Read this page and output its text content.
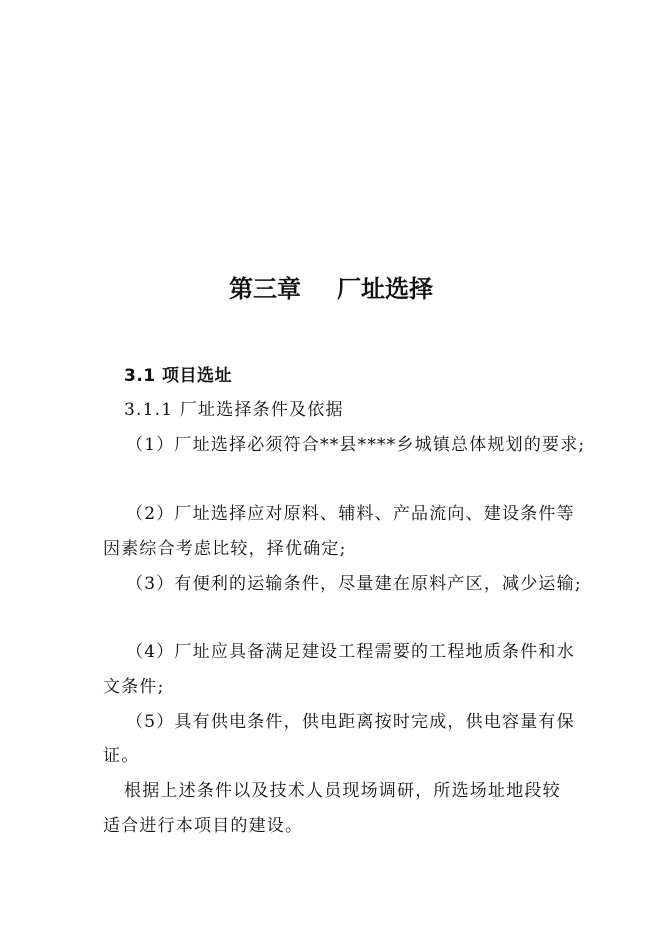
第三章 厂址选择
3.1 项目选址
3.1.1 厂址选择条件及依据
（1）厂址选择必须符合**县****乡城镇总体规划的要求;
（2）厂址选择应对原料、辅料、产品流向、建设条件等
因素综合考虑比较，择优确定;
（3）有便利的运输条件，尽量建在原料产区，减少运输;
（4）厂址应具备满足建设工程需要的工程地质条件和水
文条件;
（5）具有供电条件，供电距离按时完成，供电容量有保
证。
根据上述条件以及技术人员现场调研，所选场址地段较
适合进行本项目的建设。
